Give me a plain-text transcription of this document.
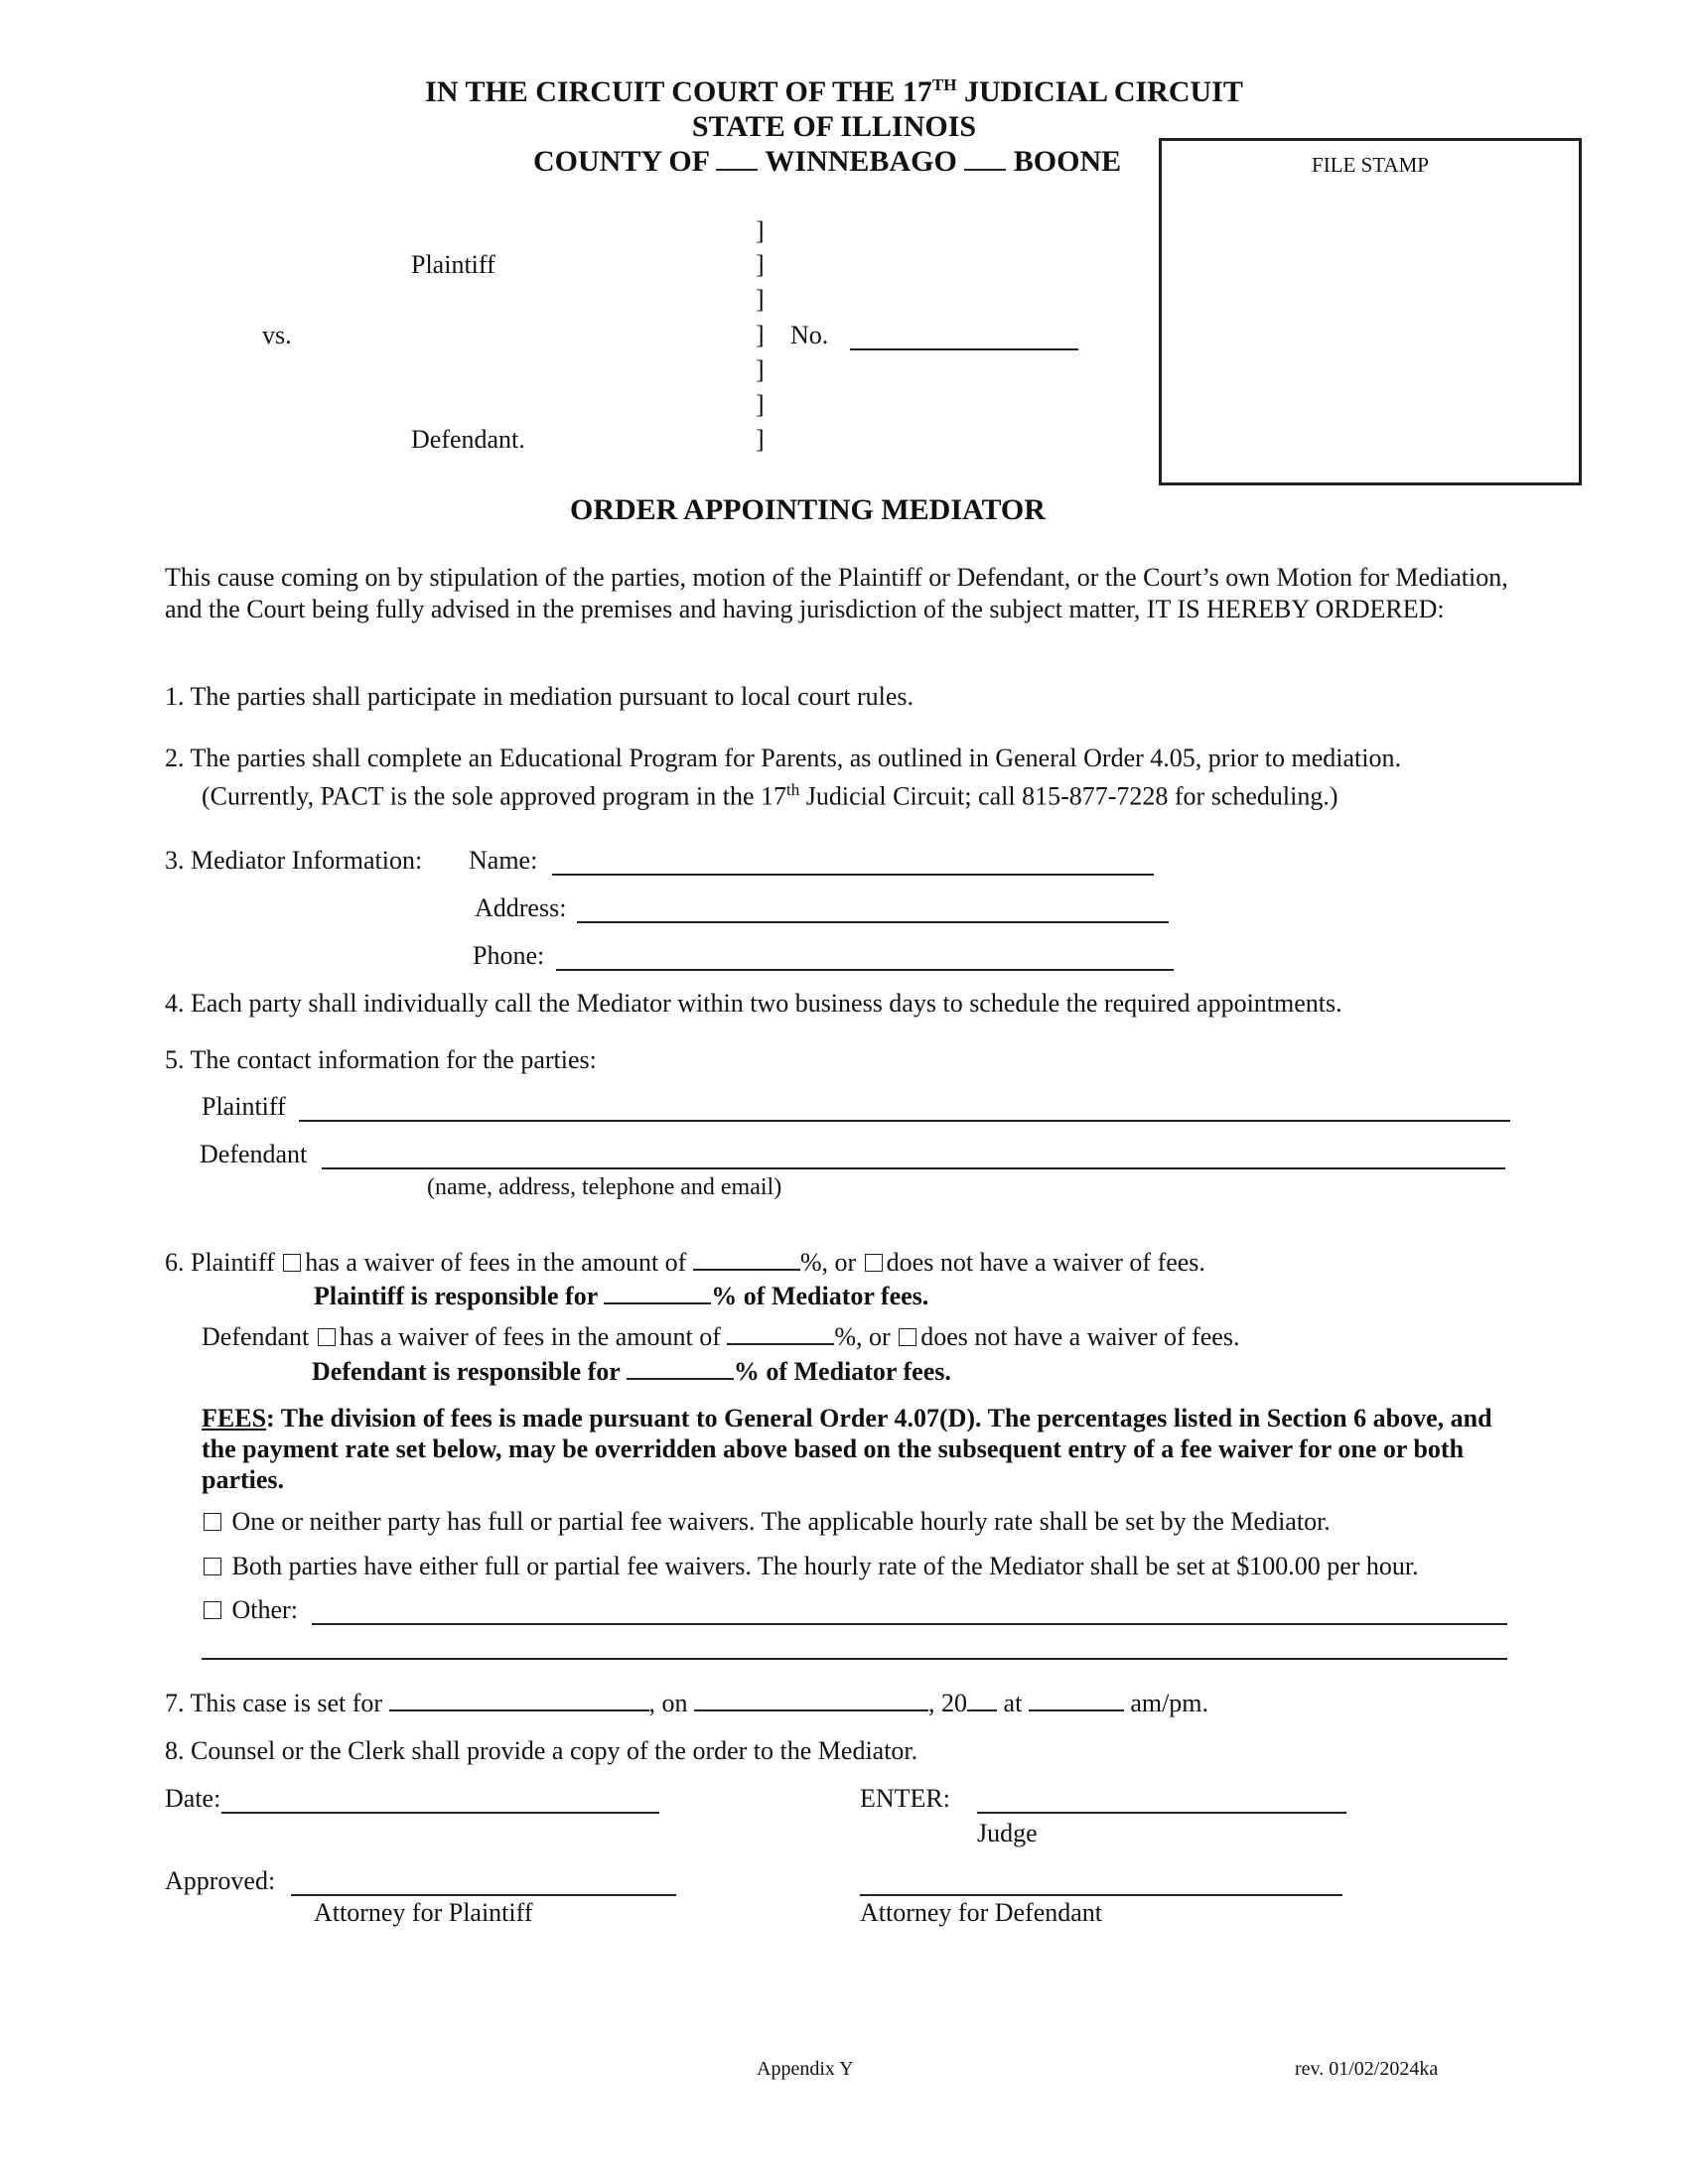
IN THE CIRCUIT COURT OF THE 17TH JUDICIAL CIRCUIT
STATE OF ILLINOIS
COUNTY OF WINNEBAGO BOONE	FILE STAMP
Plaintiff
vs.
Defendant.
]
]
]
]
]
]
]
No.
ORDER APPOINTING MEDIATOR
This cause coming on by stipulation of the parties, motion of the Plaintiff or Defendant, or the Court’s own Motion for Mediation, and the Court being fully advised in the premises and having jurisdiction of the subject matter, IT IS HEREBY ORDERED:
1. The parties shall participate in mediation pursuant to local court rules.
2. The parties shall complete an Educational Program for Parents, as outlined in General Order 4.05, prior to mediation.
(Currently, PACT is the sole approved program in the 17th Judicial Circuit; call 815-877-7228 for scheduling.)
3. Mediator Information: Name:
Address:
Phone:
4. Each party shall individually call the Mediator within two business days to schedule the required appointments.
5. The contact information for the parties:
Plaintiff
Defendant
(name, address, telephone and email)
6. Plaintiff has a waiver of fees in the amount of	%, or does not have a waiver of fees.
Plaintiff is responsible for	% of Mediator fees.
Defendant has a waiver of fees in the amount of	%, or does not have a waiver of fees.
Defendant is responsible for	% of Mediator fees.
FEES: The division of fees is made pursuant to General Order 4.07(D). The percentages listed in Section 6 above, and the payment rate set below, may be overridden above based on the subsequent entry of a fee waiver for one or both parties.
One or neither party has full or partial fee waivers. The applicable hourly rate shall be set by the Mediator.
Both parties have either full or partial fee waivers. The hourly rate of the Mediator shall be set at $100.00 per hour.
Other:
7. This case is set for	, on	, 20 at	am/pm.
8. Counsel or the Clerk shall provide a copy of the order to the Mediator.
Date:	ENTER:
Judge
Approved:
Attorney for Plaintiff	Attorney for Defendant
Appendix Y	rev. 01/02/2024ka
